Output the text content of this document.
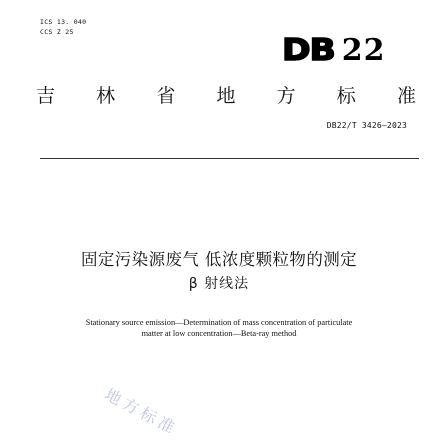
ICS 13. 040
CCS Z 25
DB 22
吉 林 省 地 方 标 准
DB22/T 3426—2023
固定污染源废气 低浓度颗粒物的测定
β 射线法
Stationary source emission—Determination of mass concentration of particulate
matter at low concentration—Beta-ray method
地方标准
